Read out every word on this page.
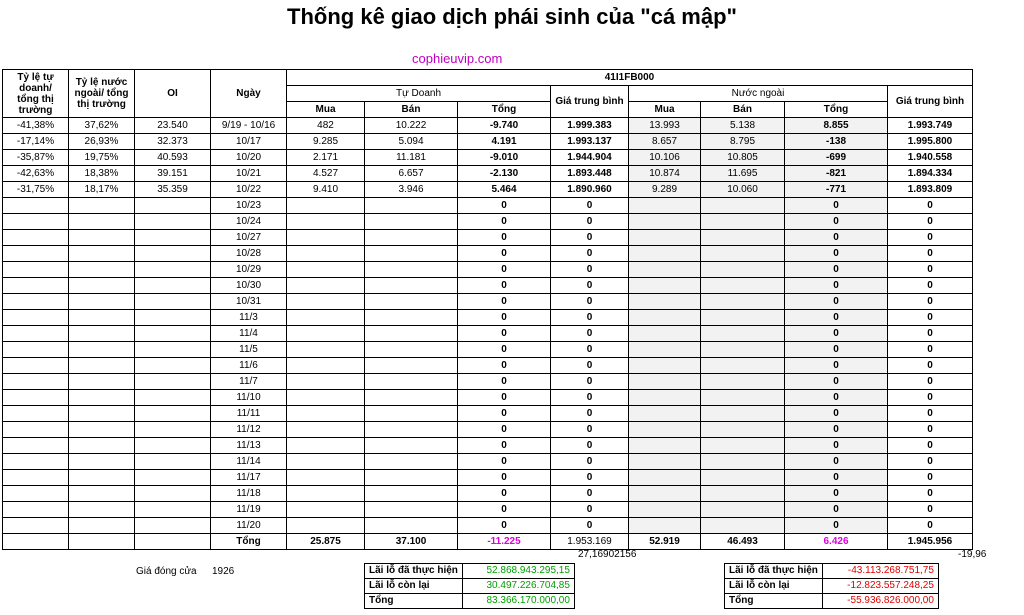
Thống kê giao dịch phái sinh của "cá mập"
cophieuvip.com
Tỷ lệ tự doanh/ tổng thị trường	Tỷ lệ nước ngoài/ tổng thị trường	OI	Ngày	41I1FB000							
				Tự Doanh			Giá trung bình	Nước ngoài			Giá trung bình
				Mua	Bán	Tổng		Mua	Bán	Tổng	
-41,38%	37,62%	23.540	9/19 - 10/16	482	10.222	-9.740	1.999.383	13.993	5.138	8.855	1.993.749
-17,14%	26,93%	32.373	10/17	9.285	5.094	4.191	1.993.137	8.657	8.795	-138	1.995.800
-35,87%	19,75%	40.593	10/20	2.171	11.181	-9.010	1.944.904	10.106	10.805	-699	1.940.558
-42,63%	18,38%	39.151	10/21	4.527	6.657	-2.130	1.893.448	10.874	11.695	-821	1.894.334
-31,75%	18,17%	35.359	10/22	9.410	3.946	5.464	1.890.960	9.289	10.060	-771	1.893.809
			10/23			0	0			0	0
			10/24			0	0			0	0
			10/27			0	0			0	0
			10/28			0	0			0	0
			10/29			0	0			0	0
			10/30			0	0			0	0
			10/31			0	0			0	0
			11/3			0	0			0	0
			11/4			0	0			0	0
			11/5			0	0			0	0
			11/6			0	0			0	0
			11/7			0	0			0	0
			11/10			0	0			0	0
			11/11			0	0			0	0
			11/12			0	0			0	0
			11/13			0	0			0	0
			11/14			0	0			0	0
			11/17			0	0			0	0
			11/18			0	0			0	0
			11/19			0	0			0	0
			11/20			0	0			0	0
			Tổng	25.875	37.100	-11.225	1.953.169	52.919	46.493	6.426	1.945.956
27,16902156	-19,96
Giá đóng cửa 1926	Lãi lỗ đã thực hiện	52.868.943.295,15
Lãi lỗ còn lại	30.497.226.704,85
Tổng	83.366.170.000,00
Lãi lỗ đã thực hiện	-43.113.268.751,75
Lãi lỗ còn lại	-12.823.557.248,25
Tổng	-55.936.826.000,00
